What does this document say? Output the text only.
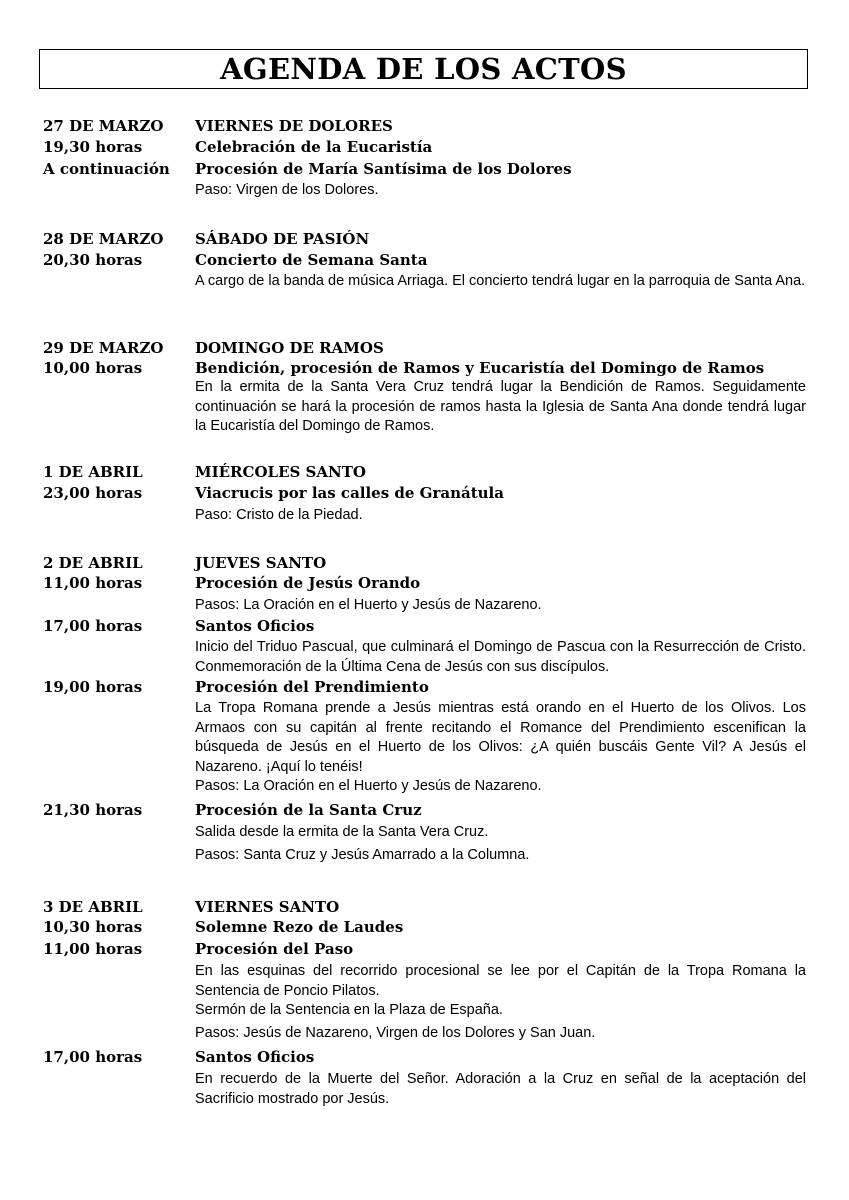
AGENDA DE LOS ACTOS
27 DE MARZO	VIERNES DE DOLORES
19,30 horas	Celebración de la Eucaristía
A continuación	Procesión de María Santísima de los Dolores
Paso: Virgen de los Dolores.
28 DE MARZO	SÁBADO DE PASIÓN
20,30 horas	Concierto de Semana Santa
A cargo de la banda de música Arriaga. El concierto tendrá lugar en la parroquia de Santa Ana.
29 DE MARZO	DOMINGO DE RAMOS
10,00 horas	Bendición, procesión de Ramos y Eucaristía del Domingo de Ramos
En la ermita de la Santa Vera Cruz tendrá lugar la Bendición de Ramos. Seguidamente continuación se hará la procesión de ramos hasta la Iglesia de Santa Ana donde tendrá lugar la Eucaristía del Domingo de Ramos.
1 DE ABRIL	MIÉRCOLES SANTO
23,00 horas	Viacrucis por las calles de Granátula
Paso: Cristo de la Piedad.
2 DE ABRIL	JUEVES SANTO
11,00 horas	Procesión de Jesús Orando
Pasos: La Oración en el Huerto y Jesús de Nazareno.
17,00 horas	Santos Oficios
Inicio del Triduo Pascual, que culminará el Domingo de Pascua con la Resurrección de Cristo. Conmemoración de la Última Cena de Jesús con sus discípulos.
19,00 horas	Procesión del Prendimiento
La Tropa Romana prende a Jesús mientras está orando en el Huerto de los Olivos. Los Armaos con su capitán al frente recitando el Romance del Prendimiento escenifican la búsqueda de Jesús en el Huerto de los Olivos: ¿A quién buscáis Gente Vil? A Jesús el Nazareno. ¡Aquí lo tenéis!
Pasos: La Oración en el Huerto y Jesús de Nazareno.
21,30 horas	Procesión de la Santa Cruz
Salida desde la ermita de la Santa Vera Cruz.
Pasos: Santa Cruz y Jesús Amarrado a la Columna.
3 DE ABRIL	VIERNES SANTO
10,30 horas	Solemne Rezo de Laudes
11,00 horas	Procesión del Paso
En las esquinas del recorrido procesional se lee por el Capitán de la Tropa Romana la Sentencia de Poncio Pilatos.
Sermón de la Sentencia en la Plaza de España.
Pasos: Jesús de Nazareno, Virgen de los Dolores y San Juan.
17,00 horas	Santos Oficios
En recuerdo de la Muerte del Señor. Adoración a la Cruz en señal de la aceptación del Sacrificio mostrado por Jesús.
